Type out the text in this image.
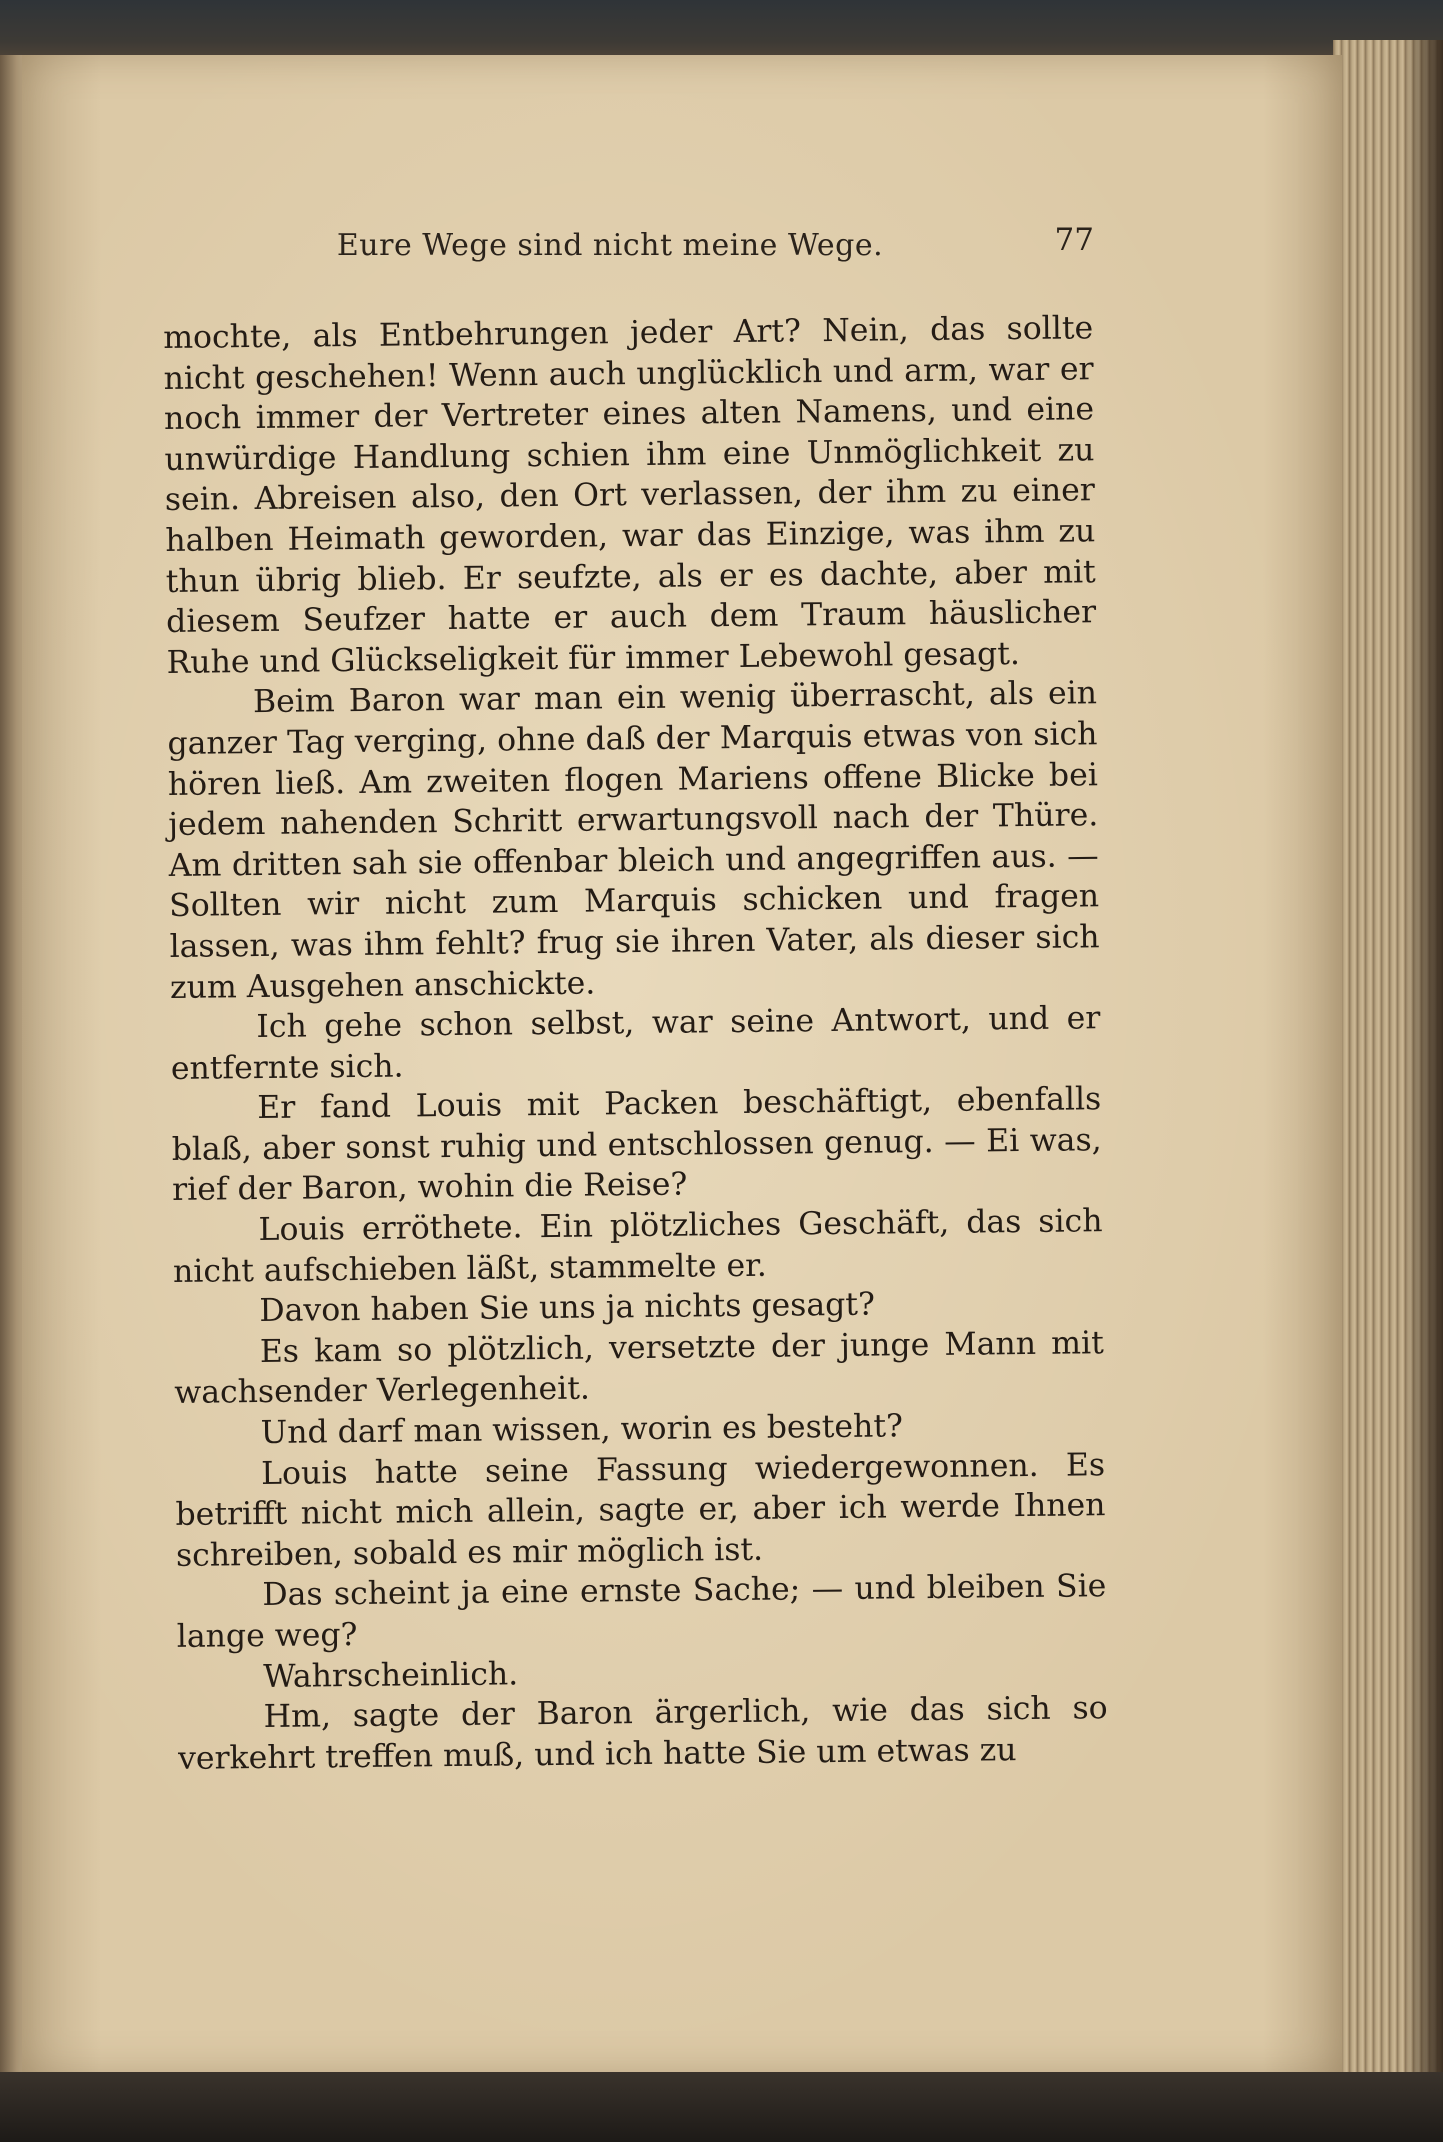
Eure Wege sind nicht meine Wege.	77

mochte, als Entbehrungen jeder Art? Nein, das sollte nicht geschehen! Wenn auch unglücklich und arm, war er noch immer der Vertreter eines alten Namens, und eine unwürdige Handlung schien ihm eine Unmöglichkeit zu sein. Abreisen also, den Ort verlassen, der ihm zu einer halben Heimath geworden, war das Einzige, was ihm zu thun übrig blieb. Er seufzte, als er es dachte, aber mit diesem Seufzer hatte er auch dem Traum häuslicher Ruhe und Glückseligkeit für immer Lebewohl gesagt.

Beim Baron war man ein wenig überrascht, als ein ganzer Tag verging, ohne daß der Marquis etwas von sich hören ließ. Am zweiten flogen Mariens offene Blicke bei jedem nahenden Schritt erwartungsvoll nach der Thüre. Am dritten sah sie offenbar bleich und angegriffen aus. — Sollten wir nicht zum Marquis schicken und fragen lassen, was ihm fehlt? frug sie ihren Vater, als dieser sich zum Ausgehen anschickte.

Ich gehe schon selbst, war seine Antwort, und er entfernte sich.

Er fand Louis mit Packen beschäftigt, ebenfalls blaß, aber sonst ruhig und entschlossen genug. — Ei was, rief der Baron, wohin die Reise?

Louis erröthete. Ein plötzliches Geschäft, das sich nicht aufschieben läßt, stammelte er.

Davon haben Sie uns ja nichts gesagt?

Es kam so plötzlich, versetzte der junge Mann mit wachsender Verlegenheit.

Und darf man wissen, worin es besteht?

Louis hatte seine Fassung wiedergewonnen. Es betrifft nicht mich allein, sagte er, aber ich werde Ihnen schreiben, sobald es mir möglich ist.

Das scheint ja eine ernste Sache; — und bleiben Sie lange weg?

Wahrscheinlich.

Hm, sagte der Baron ärgerlich, wie das sich so verkehrt treffen muß, und ich hatte Sie um etwas zu
